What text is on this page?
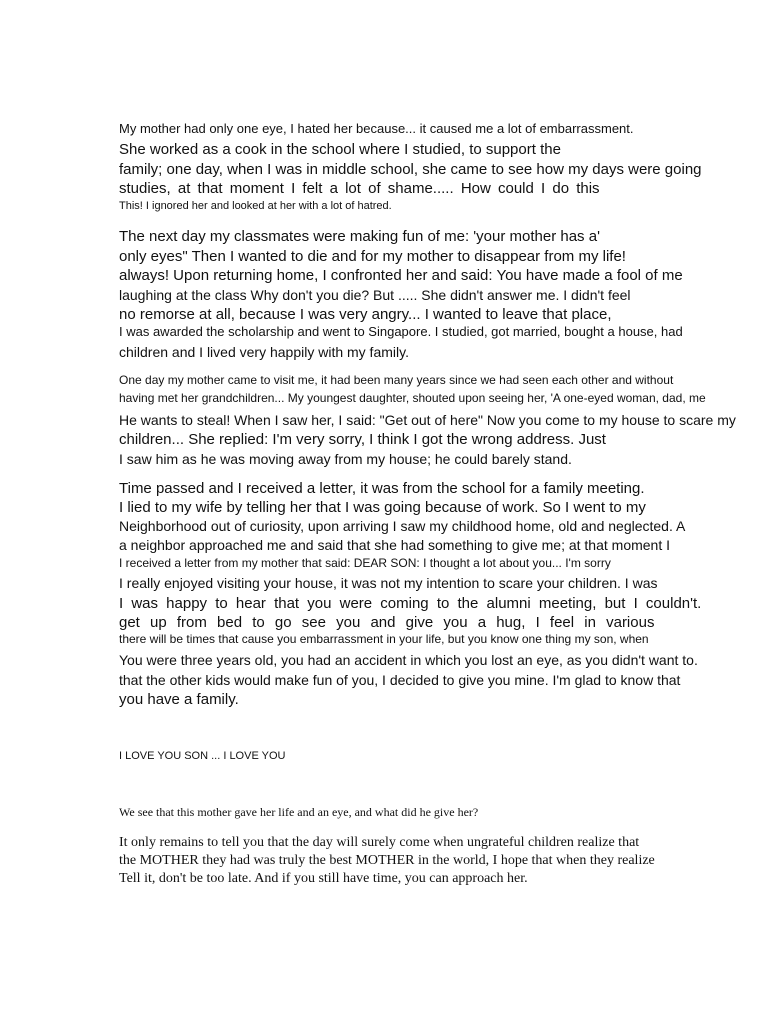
My mother had only one eye, I hated her because... it caused me a lot of embarrassment.
She worked as a cook in the school where I studied, to support the
family; one day, when I was in middle school, she came to see how my days were going
studies, at that moment I felt a lot of shame..... How could I do this
This! I ignored her and looked at her with a lot of hatred.
The next day my classmates were making fun of me: 'your mother has a'
only eyes" Then I wanted to die and for my mother to disappear from my life!
always! Upon returning home, I confronted her and said: You have made a fool of me
laughing at the class Why don't you die? But ..... She didn't answer me. I didn't feel
no remorse at all, because I was very angry... I wanted to leave that place,
I was awarded the scholarship and went to Singapore. I studied, got married, bought a house, had
children and I lived very happily with my family.
One day my mother came to visit me, it had been many years since we had seen each other and without
having met her grandchildren... My youngest daughter, shouted upon seeing her, 'A one-eyed woman, dad, me
He wants to steal! When I saw her, I said: "Get out of here" Now you come to my house to scare my
children... She replied: I'm very sorry, I think I got the wrong address. Just
I saw him as he was moving away from my house; he could barely stand.
Time passed and I received a letter, it was from the school for a family meeting.
I lied to my wife by telling her that I was going because of work. So I went to my
Neighborhood out of curiosity, upon arriving I saw my childhood home, old and neglected. A
a neighbor approached me and said that she had something to give me; at that moment I
I received a letter from my mother that said: DEAR SON: I thought a lot about you... I'm sorry
I really enjoyed visiting your house, it was not my intention to scare your children. I was
I was happy to hear that you were coming to the alumni meeting, but I couldn't.
get up from bed to go see you and give you a hug, I feel in various
there will be times that cause you embarrassment in your life, but you know one thing my son, when
You were three years old, you had an accident in which you lost an eye, as you didn't want to.
that the other kids would make fun of you, I decided to give you mine. I'm glad to know that
you have a family.
I LOVE YOU SON ... I LOVE YOU
We see that this mother gave her life and an eye, and what did he give her?
It only remains to tell you that the day will surely come when ungrateful children realize that
the MOTHER they had was truly the best MOTHER in the world, I hope that when they realize
Tell it, don't be too late. And if you still have time, you can approach her.
